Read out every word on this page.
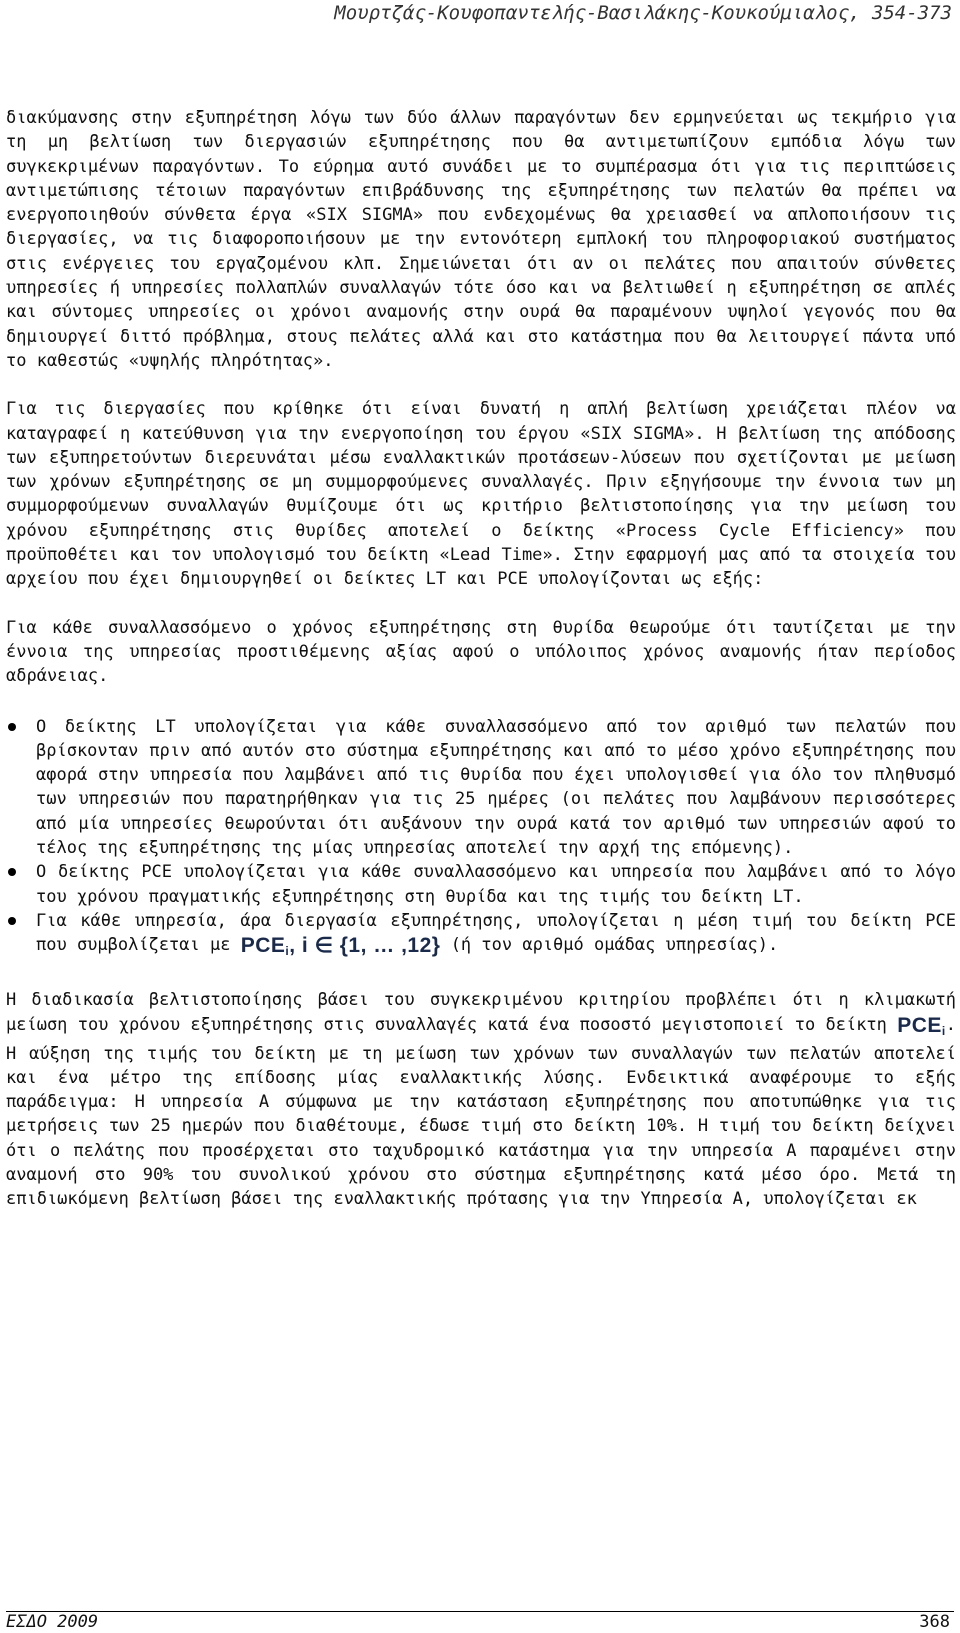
Μουρτζάς-Κουφοπαντελής-Βασιλάκης-Κουκούμιαλος, 354-373

διακύμανσης στην εξυπηρέτηση λόγω των δύο άλλων παραγόντων δεν ερμηνεύεται ως τεκμήριο για τη μη βελτίωση των διεργασιών εξυπηρέτησης που θα αντιμετωπίζουν εμπόδια λόγω των συγκεκριμένων παραγόντων. Το εύρημα αυτό συνάδει με το συμπέρασμα ότι για τις περιπτώσεις αντιμετώπισης τέτοιων παραγόντων επιβράδυνσης της εξυπηρέτησης των πελατών θα πρέπει να ενεργοποιηθούν σύνθετα έργα «SIX SIGMA» που ενδεχομένως θα χρειασθεί να απλοποιήσουν τις διεργασίες, να τις διαφοροποιήσουν με την εντονότερη εμπλοκή του πληροφοριακού συστήματος στις ενέργειες του εργαζομένου κλπ. Σημειώνεται ότι αν οι πελάτες που απαιτούν σύνθετες υπηρεσίες ή υπηρεσίες πολλαπλών συναλλαγών τότε όσο και να βελτιωθεί η εξυπηρέτηση σε απλές και σύντομες υπηρεσίες οι χρόνοι αναμονής στην ουρά θα παραμένουν υψηλοί γεγονός που θα δημιουργεί διττό πρόβλημα, στους πελάτες αλλά και στο κατάστημα που θα λειτουργεί πάντα υπό το καθεστώς «υψηλής πληρότητας».

Για τις διεργασίες που κρίθηκε ότι είναι δυνατή η απλή βελτίωση χρειάζεται πλέον να καταγραφεί η κατεύθυνση για την ενεργοποίηση του έργου «SIX SIGMA». Η βελτίωση της απόδοσης των εξυπηρετούντων διερευνάται μέσω εναλλακτικών προτάσεων-λύσεων που σχετίζονται με μείωση των χρόνων εξυπηρέτησης σε μη συμμορφούμενες συναλλαγές. Πριν εξηγήσουμε την έννοια των μη συμμορφούμενων συναλλαγών θυμίζουμε ότι ως κριτήριο βελτιστοποίησης για την μείωση του χρόνου εξυπηρέτησης στις θυρίδες αποτελεί ο δείκτης «Process Cycle Efficiency» που προϋποθέτει και τον υπολογισμό του δείκτη «Lead Time». Στην εφαρμογή μας από τα στοιχεία του αρχείου που έχει δημιουργηθεί οι δείκτες LT και PCE υπολογίζονται ως εξής:

Για κάθε συναλλασσόμενο ο χρόνος εξυπηρέτησης στη θυρίδα θεωρούμε ότι ταυτίζεται με την έννοια της υπηρεσίας προστιθέμενης αξίας αφού ο υπόλοιπος χρόνος αναμονής ήταν περίοδος αδράνειας.

Ο δείκτης LT υπολογίζεται για κάθε συναλλασσόμενο από τον αριθμό των πελατών που βρίσκονταν πριν από αυτόν στο σύστημα εξυπηρέτησης και από το μέσο χρόνο εξυπηρέτησης που αφορά στην υπηρεσία που λαμβάνει από τις θυρίδα που έχει υπολογισθεί για όλο τον πληθυσμό των υπηρεσιών που παρατηρήθηκαν για τις 25 ημέρες (οι πελάτες που λαμβάνουν περισσότερες από μία υπηρεσίες θεωρούνται ότι αυξάνουν την ουρά κατά τον αριθμό των υπηρεσιών αφού το τέλος της εξυπηρέτησης της μίας υπηρεσίας αποτελεί την αρχή της επόμενης).
Ο δείκτης PCE υπολογίζεται για κάθε συναλλασσόμενο και υπηρεσία που λαμβάνει από το λόγο του χρόνου πραγματικής εξυπηρέτησης στη θυρίδα και της τιμής του δείκτη LT.
Για κάθε υπηρεσία, άρα διεργασία εξυπηρέτησης, υπολογίζεται η μέση τιμή του δείκτη PCE που συμβολίζεται με $PCE_i$, i ∈ {1, … ,12} (ή τον αριθμό ομάδας υπηρεσίας).

Η διαδικασία βελτιστοποίησης βάσει του συγκεκριμένου κριτηρίου προβλέπει ότι η κλιμακωτή μείωση του χρόνου εξυπηρέτησης στις συναλλαγές κατά ένα ποσοστό μεγιστοποιεί το δείκτη $PCE_i$. Η αύξηση της τιμής του δείκτη με τη μείωση των χρόνων των συναλλαγών των πελατών αποτελεί και ένα μέτρο της επίδοσης μίας εναλλακτικής λύσης. Ενδεικτικά αναφέρουμε το εξής παράδειγμα: Η υπηρεσία Α σύμφωνα με την κατάσταση εξυπηρέτησης που αποτυπώθηκε για τις μετρήσεις των 25 ημερών που διαθέτουμε, έδωσε τιμή στο δείκτη 10%. Η τιμή του δείκτη δείχνει ότι ο πελάτης που προσέρχεται στο ταχυδρομικό κατάστημα για την υπηρεσία Α παραμένει στην αναμονή στο 90% του συνολικού χρόνου στο σύστημα εξυπηρέτησης κατά μέσο όρο. Μετά τη επιδιωκόμενη βελτίωση βάσει της εναλλακτικής πρότασης για την Υπηρεσία Α, υπολογίζεται εκ

ΕΣΔΟ 2009	368
